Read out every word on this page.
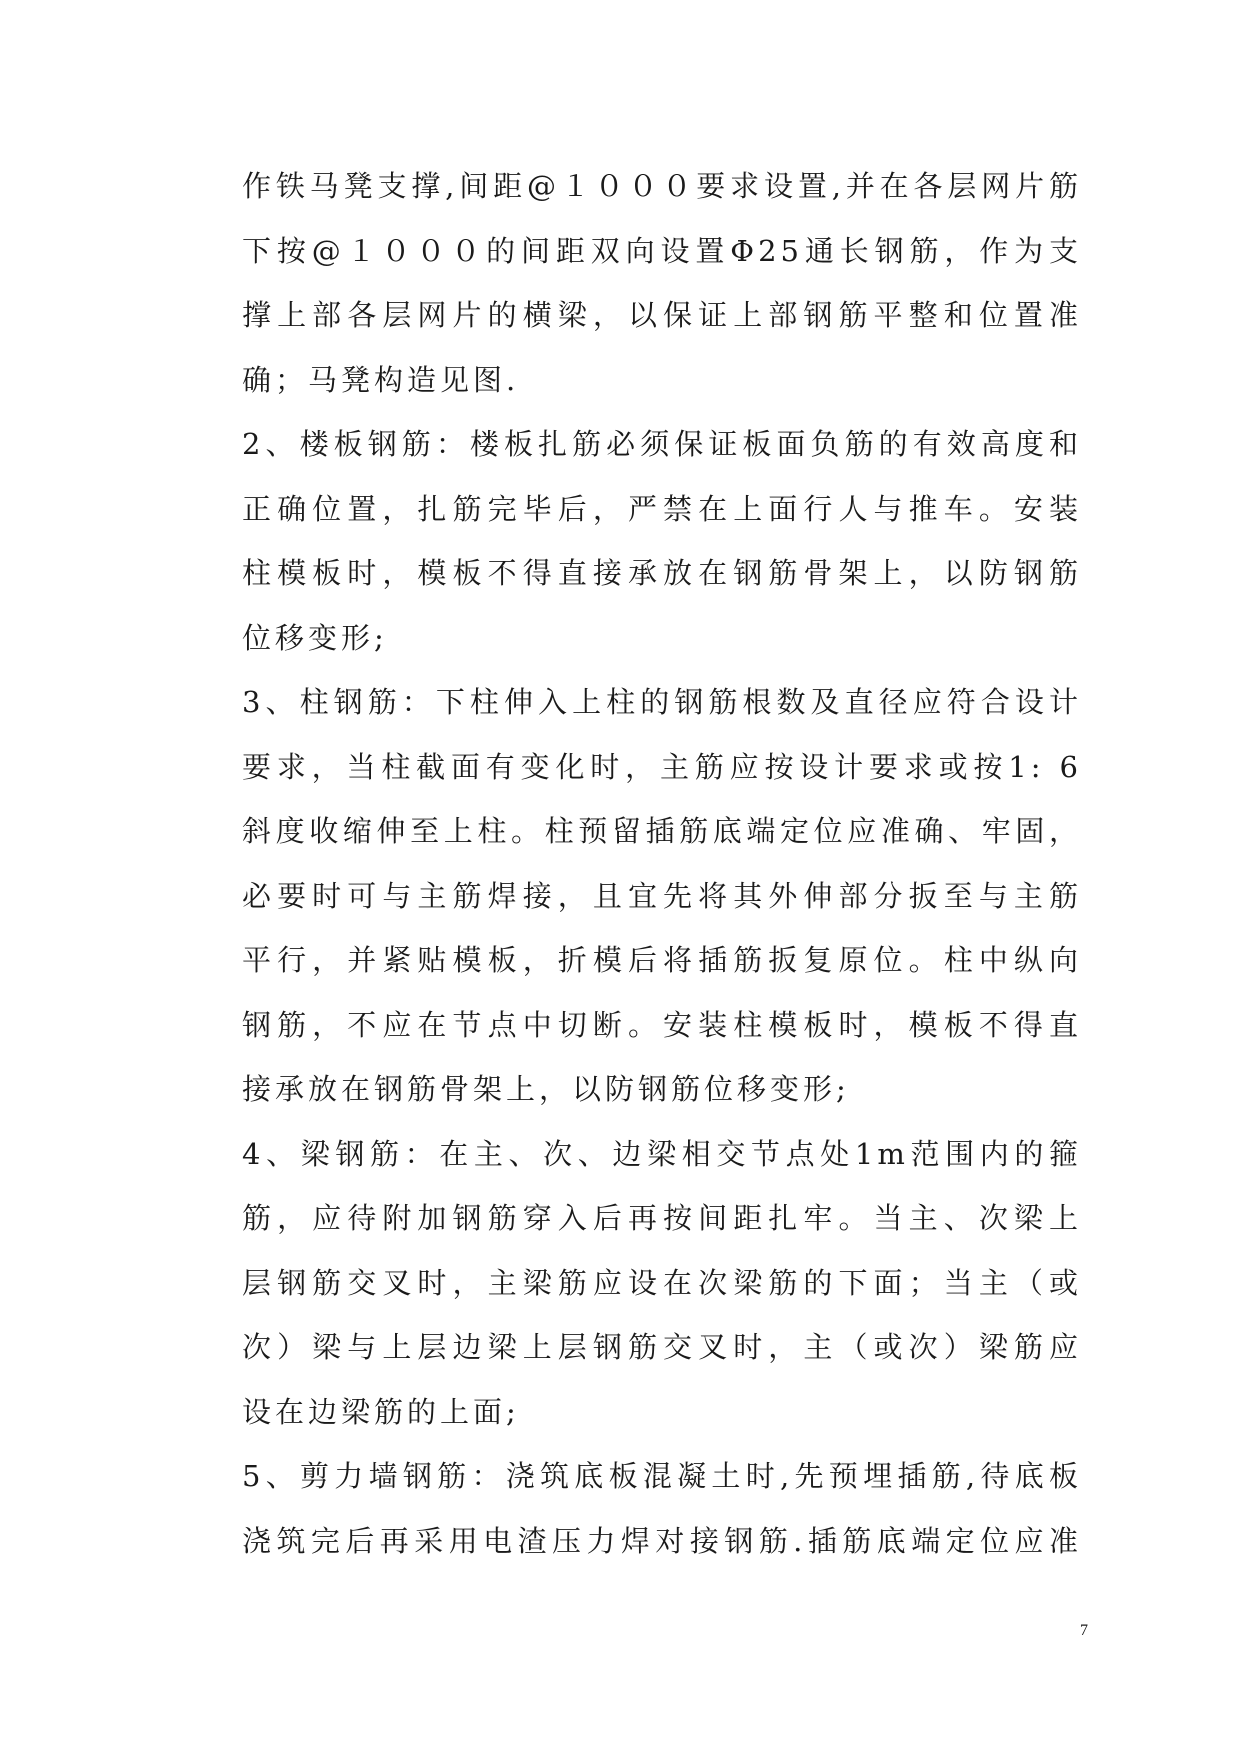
作铁马凳支撑,间距@１０００要求设置,并在各层网片筋
下按@１０００的间距双向设置Φ25通长钢筋，作为支
撑上部各层网片的横梁，以保证上部钢筋平整和位置准
确；马凳构造见图.
2、楼板钢筋：楼板扎筋必须保证板面负筋的有效高度和
正确位置，扎筋完毕后，严禁在上面行人与推车。安装
柱模板时，模板不得直接承放在钢筋骨架上，以防钢筋
位移变形;
3、柱钢筋：下柱伸入上柱的钢筋根数及直径应符合设计
要求，当柱截面有变化时，主筋应按设计要求或按1: 6
斜度收缩伸至上柱。柱预留插筋底端定位应准确、牢固，
必要时可与主筋焊接，且宜先将其外伸部分扳至与主筋
平行，并紧贴模板，折模后将插筋扳复原位。柱中纵向
钢筋，不应在节点中切断。安装柱模板时，模板不得直
接承放在钢筋骨架上，以防钢筋位移变形;
4、梁钢筋：在主、次、边梁相交节点处1m范围内的箍
筋，应待附加钢筋穿入后再按间距扎牢。当主、次梁上
层钢筋交叉时，主梁筋应设在次梁筋的下面；当主（或
次）梁与上层边梁上层钢筋交叉时，主（或次）梁筋应
设在边梁筋的上面;
5、剪力墙钢筋：浇筑底板混凝土时,先预埋插筋,待底板
浇筑完后再采用电渣压力焊对接钢筋.插筋底端定位应准
7
